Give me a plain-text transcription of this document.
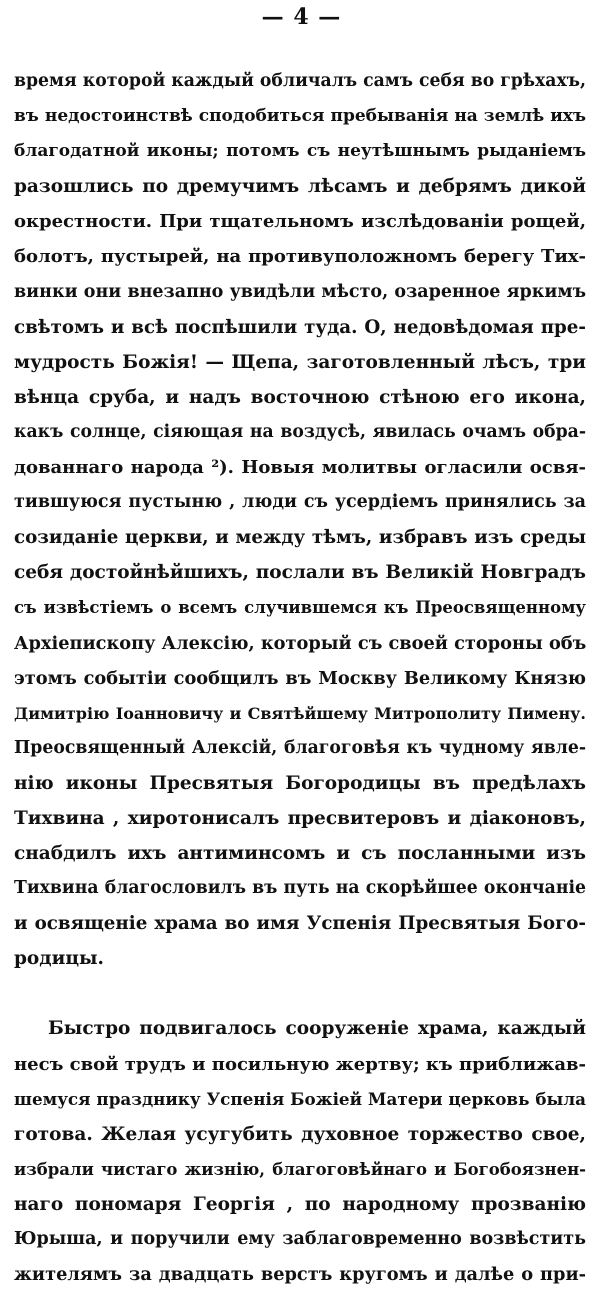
— 4 —
время которой каждый обличалъ самъ себя во грѣхахъ,
въ недостоинствѣ сподобиться пребыванія на землѣ ихъ
благодатной иконы; потомъ съ неутѣшнымъ рыданіемъ
разошлись по дремучимъ лѣсамъ и дебрямъ дикой
окрестности. При тщательномъ изслѣдованіи рощей,
болотъ, пустырей, на противуположномъ берегу Тих-
винки они внезапно увидѣли мѣсто, озаренное яркимъ
свѣтомъ и всѣ поспѣшили туда. О, недовѣдомая пре-
мудрость Божія! — Щепа, заготовленный лѣсъ, три
вѣнца сруба, и надъ восточною стѣною его икона,
какъ солнце, сіяющая на воздусѣ, явилась очамъ обра-
дованнаго народа ²). Новыя молитвы огласили освя-
тившуюся пустыню , люди съ усердіемъ принялись за
созиданіе церкви, и между тѣмъ, избравъ изъ среды
себя достойнѣйшихъ, послали въ Великій Новградъ
съ извѣстіемъ о всемъ случившемся къ Преосвященному
Архіепископу Алексію, который съ своей стороны объ
этомъ событіи сообщилъ въ Москву Великому Князю
Димитрію Іоанновичу и Святѣйшему Митрополиту Пимену.
Преосвященный Алексій, благоговѣя къ чудному явле-
нію иконы Пресвятыя Богородицы въ предѣлахъ
Тихвина , хиротонисалъ пресвитеровъ и діаконовъ,
снабдилъ ихъ антиминсомъ и съ посланными изъ
Тихвина благословилъ въ путь на скорѣйшее окончаніе
и освященіе храма во имя Успенія Пресвятыя Бого-
родицы.
Быстро подвигалось сооруженіе храма, каждый
несъ свой трудъ и посильную жертву; къ приближав-
шемуся празднику Успенія Божіей Матери церковь была
готова. Желая усугубить духовное торжество свое,
избрали чистаго жизнію, благоговѣйнаго и Богобоязнен-
наго пономаря Георгія , по народному прозванію
Юрыша, и поручили ему заблаговременно возвѣстить
жителямъ за двадцать верстъ кругомъ и далѣе о при-
